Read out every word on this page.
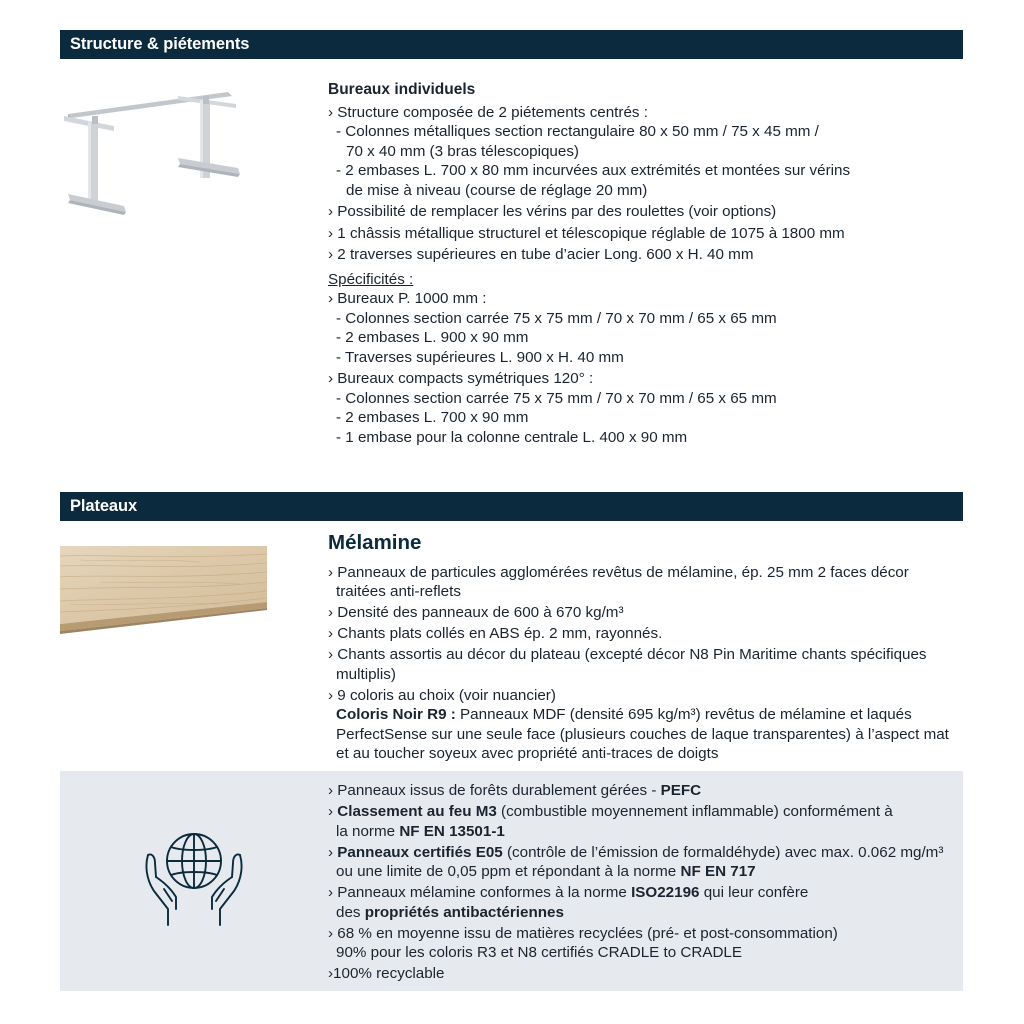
Structure & piétements
Bureaux individuels
› Structure composée de 2 piétements centrés :
- Colonnes métalliques section rectangulaire 80 x 50 mm / 75 x 45 mm /
70 x 40 mm (3 bras télescopiques)
- 2 embases L. 700 x 80 mm incurvées aux extrémités et montées sur vérins
de mise à niveau (course de réglage 20 mm)
› Possibilité de remplacer les vérins par des roulettes (voir options)
› 1 châssis métallique structurel et télescopique réglable de 1075 à 1800 mm
› 2 traverses supérieures en tube d’acier Long. 600 x H. 40 mm
Spécificités :
› Bureaux P. 1000 mm :
- Colonnes section carrée 75 x 75 mm / 70 x 70 mm / 65 x 65 mm
- 2 embases L. 900 x 90 mm
- Traverses supérieures L. 900 x H. 40 mm
› Bureaux compacts symétriques 120° :
- Colonnes section carrée 75 x 75 mm / 70 x 70 mm / 65 x 65 mm
- 2 embases L. 700 x 90 mm
- 1 embase pour la colonne centrale L. 400 x 90 mm
Plateaux
Mélamine
› Panneaux de particules agglomérées revêtus de mélamine, ép. 25 mm 2 faces décor
traitées anti-reflets
› Densité des panneaux de 600 à 670 kg/m³
› Chants plats collés en ABS ép. 2 mm, rayonnés.
› Chants assortis au décor du plateau (excepté décor N8 Pin Maritime chants spécifiques
multiplis)
› 9 coloris au choix (voir nuancier)
Coloris Noir R9 : Panneaux MDF (densité 695 kg/m³) revêtus de mélamine et laqués
PerfectSense sur une seule face (plusieurs couches de laque transparentes) à l’aspect mat
et au toucher soyeux avec propriété anti-traces de doigts
› Panneaux issus de forêts durablement gérées - PEFC
› Classement au feu M3 (combustible moyennement inflammable) conformément à
la norme NF EN 13501-1
› Panneaux certifiés E05 (contrôle de l’émission de formaldéhyde) avec max. 0.062 mg/m³
ou une limite de 0,05 ppm et répondant à la norme NF EN 717
› Panneaux mélamine conformes à la norme ISO22196 qui leur confère
des propriétés antibactériennes
› 68 % en moyenne issu de matières recyclées (pré- et post-consommation)
90% pour les coloris R3 et N8 certifiés CRADLE to CRADLE
›100% recyclable
